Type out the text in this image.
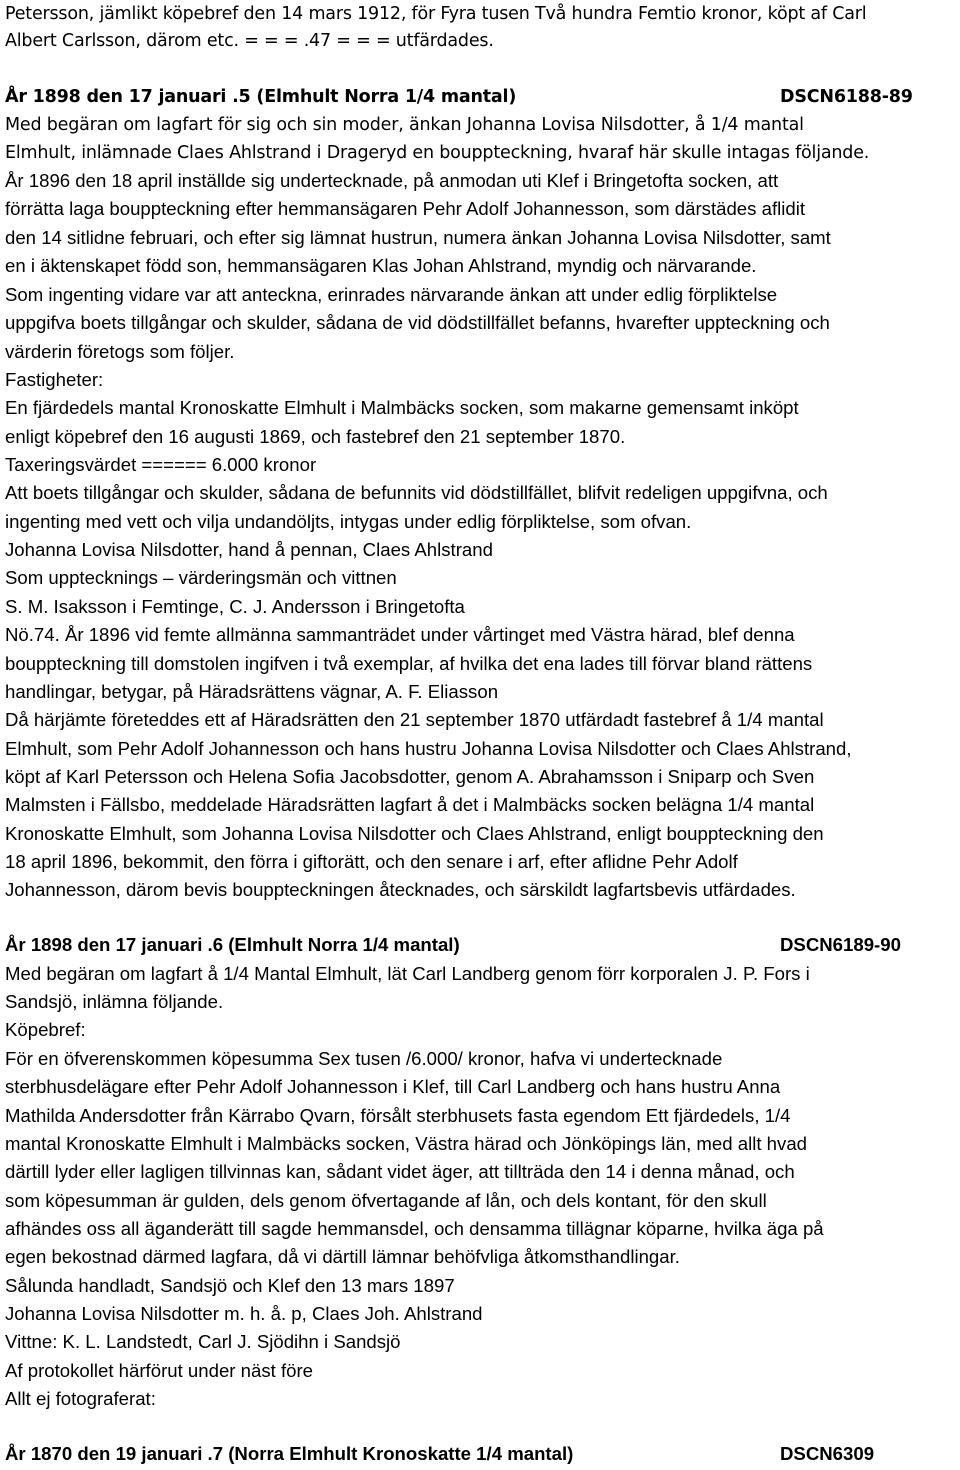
Petersson, jämlikt köpebref den 14 mars 1912, för Fyra tusen Två hundra Femtio kronor, köpt af Carl
Albert Carlsson, därom etc. = = = .47 = = = utfärdades.
År 1898 den 17 januari .5 (Elmhult Norra 1/4 mantal)	DSCN6188-89
Med begäran om lagfart för sig och sin moder, änkan Johanna Lovisa Nilsdotter, å 1/4 mantal
Elmhult, inlämnade Claes Ahlstrand i Drageryd en bouppteckning, hvaraf här skulle intagas följande.
År 1896 den 18 april inställde sig undertecknade, på anmodan uti Klef i Bringetofta socken, att
förrätta laga bouppteckning efter hemmansägaren Pehr Adolf Johannesson, som därstädes aflidit
den 14 sitlidne februari, och efter sig lämnat hustrun, numera änkan Johanna Lovisa Nilsdotter, samt
en i äktenskapet född son, hemmansägaren Klas Johan Ahlstrand, myndig och närvarande.
Som ingenting vidare var att anteckna, erinrades närvarande änkan att under edlig förpliktelse
uppgifva boets tillgångar och skulder, sådana de vid dödstillfället befanns, hvarefter uppteckning och
värderin företogs som följer.
Fastigheter:
En fjärdedels mantal Kronoskatte Elmhult i Malmbäcks socken, som makarne gemensamt inköpt
enligt köpebref den 16 augusti 1869, och fastebref den 21 september 1870.
Taxeringsvärdet ====== 6.000 kronor
Att boets tillgångar och skulder, sådana de befunnits vid dödstillfället, blifvit redeligen uppgifvna, och
ingenting med vett och vilja undandöljts, intygas under edlig förpliktelse, som ofvan.
Johanna Lovisa Nilsdotter, hand å pennan, Claes Ahlstrand
Som upptecknings – värderingsmän och vittnen
S. M. Isaksson i Femtinge, C. J. Andersson i Bringetofta
Nö.74. År 1896 vid femte allmänna sammanträdet under vårtinget med Västra härad, blef denna
bouppteckning till domstolen ingifven i två exemplar, af hvilka det ena lades till förvar bland rättens
handlingar, betygar, på Häradsrättens vägnar, A. F. Eliasson
Då härjämte företeddes ett af Häradsrätten den 21 september 1870 utfärdadt fastebref å 1/4 mantal
Elmhult, som Pehr Adolf Johannesson och hans hustru Johanna Lovisa Nilsdotter och Claes Ahlstrand,
köpt af Karl Petersson och Helena Sofia Jacobsdotter, genom A. Abrahamsson i Sniparp och Sven
Malmsten i Fällsbo, meddelade Häradsrätten lagfart å det i Malmbäcks socken belägna 1/4 mantal
Kronoskatte Elmhult, som Johanna Lovisa Nilsdotter och Claes Ahlstrand, enligt bouppteckning den
18 april 1896, bekommit, den förra i giftorätt, och den senare i arf, efter aflidne Pehr Adolf
Johannesson, därom bevis bouppteckningen åtecknades, och särskildt lagfartsbevis utfärdades.
År 1898 den 17 januari .6 (Elmhult Norra 1/4 mantal)	DSCN6189-90
Med begäran om lagfart å 1/4 Mantal Elmhult, lät Carl Landberg genom förr korporalen J. P. Fors i
Sandsjö, inlämna följande.
Köpebref:
För en öfverenskommen köpesumma Sex tusen /6.000/ kronor, hafva vi undertecknade
sterbhusdelägare efter Pehr Adolf Johannesson i Klef, till Carl Landberg och hans hustru Anna
Mathilda Andersdotter från Kärrabo Qvarn, försålt sterbhusets fasta egendom Ett fjärdedels, 1/4
mantal Kronoskatte Elmhult i Malmbäcks socken, Västra härad och Jönköpings län, med allt hvad
därtill lyder eller lagligen tillvinnas kan, sådant videt äger, att tillträda den 14 i denna månad, och
som köpesumman är gulden, dels genom öfvertagande af lån, och dels kontant, för den skull
afhändes oss all äganderätt till sagde hemmansdel, och densamma tillägnar köparne, hvilka äga på
egen bekostnad därmed lagfara, då vi därtill lämnar behöfvliga åtkomsthandlingar.
Sålunda handladt, Sandsjö och Klef den 13 mars 1897
Johanna Lovisa Nilsdotter m. h. å. p, Claes Joh. Ahlstrand
Vittne: K. L. Landstedt, Carl J. Sjödihn i Sandsjö
Af protokollet härförut under näst före
Allt ej fotograferat:
År 1870 den 19 januari .7 (Norra Elmhult Kronoskatte 1/4 mantal)	DSCN6309
